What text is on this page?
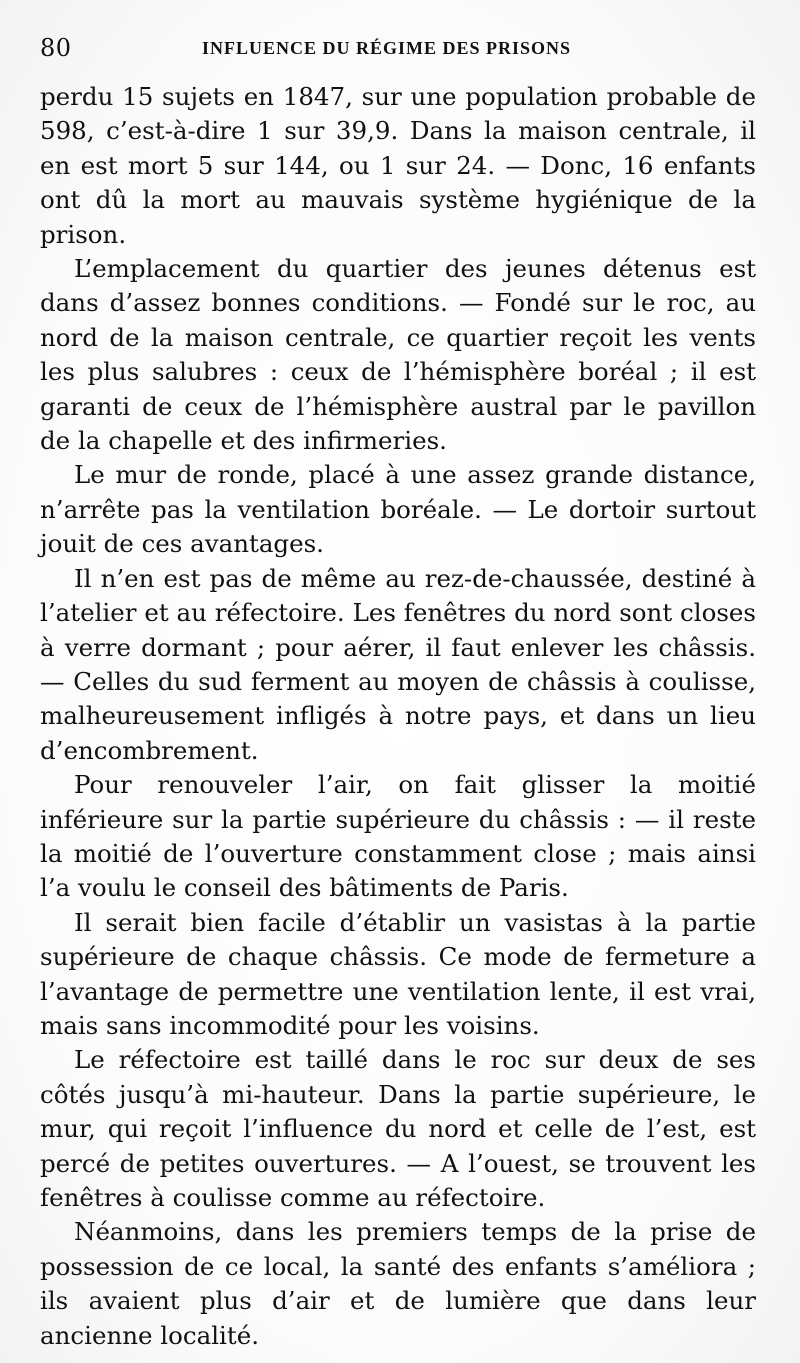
80	INFLUENCE DU RÉGIME DES PRISONS

perdu 15 sujets en 1847, sur une population probable de 598, c’est-à-dire 1 sur 39,9. Dans la maison centrale, il en est mort 5 sur 144, ou 1 sur 24. — Donc, 16 enfants ont dû la mort au mauvais système hygiénique de la prison.

L’emplacement du quartier des jeunes détenus est dans d’assez bonnes conditions. — Fondé sur le roc, au nord de la maison centrale, ce quartier reçoit les vents les plus salubres : ceux de l’hémisphère boréal ; il est garanti de ceux de l’hémisphère austral par le pavillon de la chapelle et des infirmeries.

Le mur de ronde, placé à une assez grande distance, n’arrête pas la ventilation boréale. — Le dortoir surtout jouit de ces avantages.

Il n’en est pas de même au rez-de-chaussée, destiné à l’atelier et au réfectoire. Les fenêtres du nord sont closes à verre dormant ; pour aérer, il faut enlever les châssis. — Celles du sud ferment au moyen de châssis à coulisse, malheureusement infligés à notre pays, et dans un lieu d’encombrement.

Pour renouveler l’air, on fait glisser la moitié inférieure sur la partie supérieure du châssis : — il reste la moitié de l’ouverture constamment close ; mais ainsi l’a voulu le conseil des bâtiments de Paris.

Il serait bien facile d’établir un vasistas à la partie supérieure de chaque châssis. Ce mode de fermeture a l’avantage de permettre une ventilation lente, il est vrai, mais sans incommodité pour les voisins.

Le réfectoire est taillé dans le roc sur deux de ses côtés jusqu’à mi-hauteur. Dans la partie supérieure, le mur, qui reçoit l’influence du nord et celle de l’est, est percé de petites ouvertures. — A l’ouest, se trouvent les fenêtres à coulisse comme au réfectoire.

Néanmoins, dans les premiers temps de la prise de possession de ce local, la santé des enfants s’améliora ; ils avaient plus d’air et de lumière que dans leur ancienne localité.
